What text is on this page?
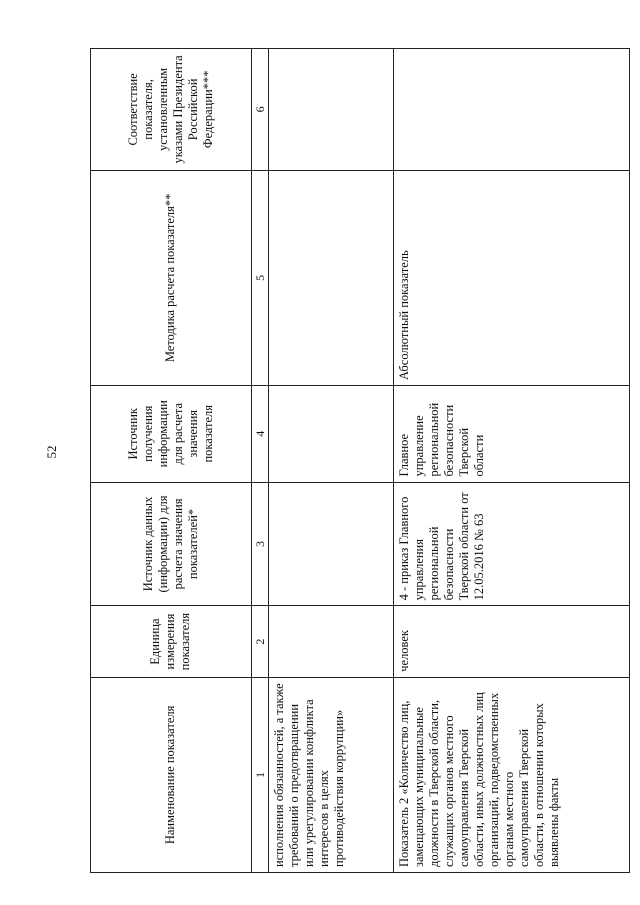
52
Наименование показателя	Единица измерения показателя	Источник данных (информации) для расчета значения показателей*	Источник получения информации для расчета значения показателя	Методика расчета показателя**	Соответствие показателя, установленным указами Президента Российской Федерации***
1	2	3	4	5	6
исполнения обязанностей, а также требований о предотвращении или урегулировании конфликта интересов в целях противодействия коррупции»					
Показатель 2 «Количество лиц, замещающих муниципальные должности в Тверской области, служащих органов местного самоуправления Тверской области, иных должностных лиц организаций, подведомственных органам местного самоуправления Тверской области, в отношении которых выявлены факты	человек	4 - приказ Главного управления региональной безопасности Тверской области от 12.05.2016 № 63	Главное управление региональной безопасности Тверской области	Абсолютный показатель	
